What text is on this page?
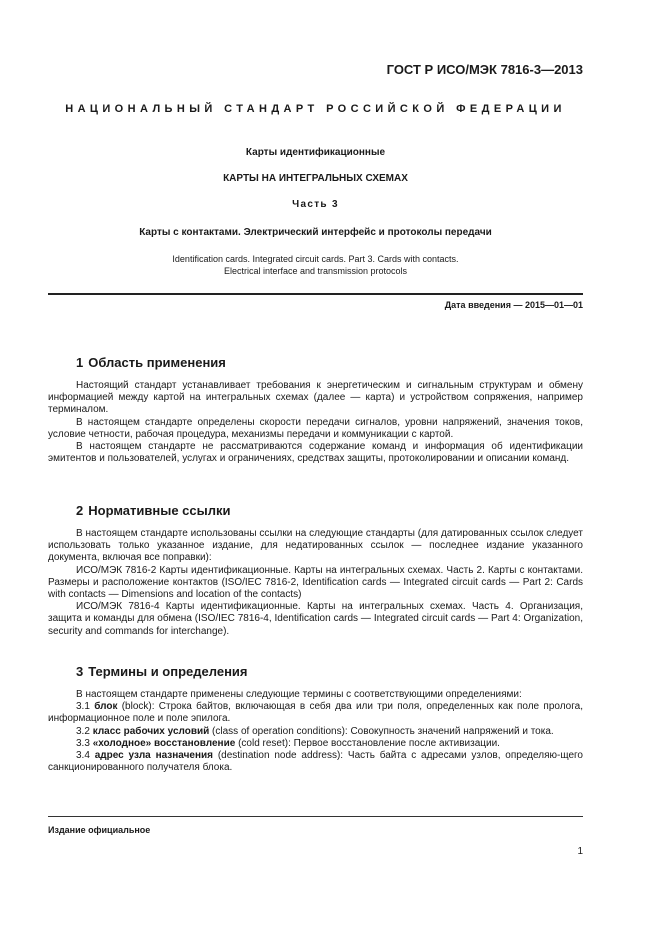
ГОСТ Р ИСО/МЭК 7816-3—2013
НАЦИОНАЛЬНЫЙ СТАНДАРТ РОССИЙСКОЙ ФЕДЕРАЦИИ
Карты идентификационные
КАРТЫ НА ИНТЕГРАЛЬНЫХ СХЕМАХ
Часть 3
Карты с контактами. Электрический интерфейс и протоколы передачи
Identification cards. Integrated circuit cards. Part 3. Cards with contacts.
Electrical interface and transmission protocols
Дата введения — 2015—01—01

1 Область применения

Настоящий стандарт устанавливает требования к энергетическим и сигнальным структурам и обмену информацией между картой на интегральных схемах (далее — карта) и устройством сопряжения, например терминалом.

В настоящем стандарте определены скорости передачи сигналов, уровни напряжений, значения токов, условие четности, рабочая процедура, механизмы передачи и коммуникации с картой.

В настоящем стандарте не рассматриваются содержание команд и информация об идентификации эмитентов и пользователей, услугах и ограничениях, средствах защиты, протоколировании и описании команд.

2 Нормативные ссылки

В настоящем стандарте использованы ссылки на следующие стандарты (для датированных ссылок следует использовать только указанное издание, для недатированных ссылок — последнее издание указанного документа, включая все поправки):

ИСО/МЭК 7816-2 Карты идентификационные. Карты на интегральных схемах. Часть 2. Карты с контактами. Размеры и расположение контактов (ISO/IEC 7816-2, Identification cards — Integrated circuit cards — Part 2: Cards with contacts — Dimensions and location of the contacts)

ИСО/МЭК 7816-4 Карты идентификационные. Карты на интегральных схемах. Часть 4. Организация, защита и команды для обмена (ISO/IEC 7816-4, Identification cards — Integrated circuit cards — Part 4: Organization, security and commands for interchange).

3 Термины и определения

В настоящем стандарте применены следующие термины с соответствующими определениями:

3.1 блок (block): Строка байтов, включающая в себя два или три поля, определенных как поле пролога, информационное поле и поле эпилога.

3.2 класс рабочих условий (class of operation conditions): Совокупность значений напряжений и тока.

3.3 «холодное» восстановление (cold reset): Первое восстановление после активизации.

3.4 адрес узла назначения (destination node address): Часть байта с адресами узлов, определяю-щего санкционированного получателя блока.

Издание официальное
1
